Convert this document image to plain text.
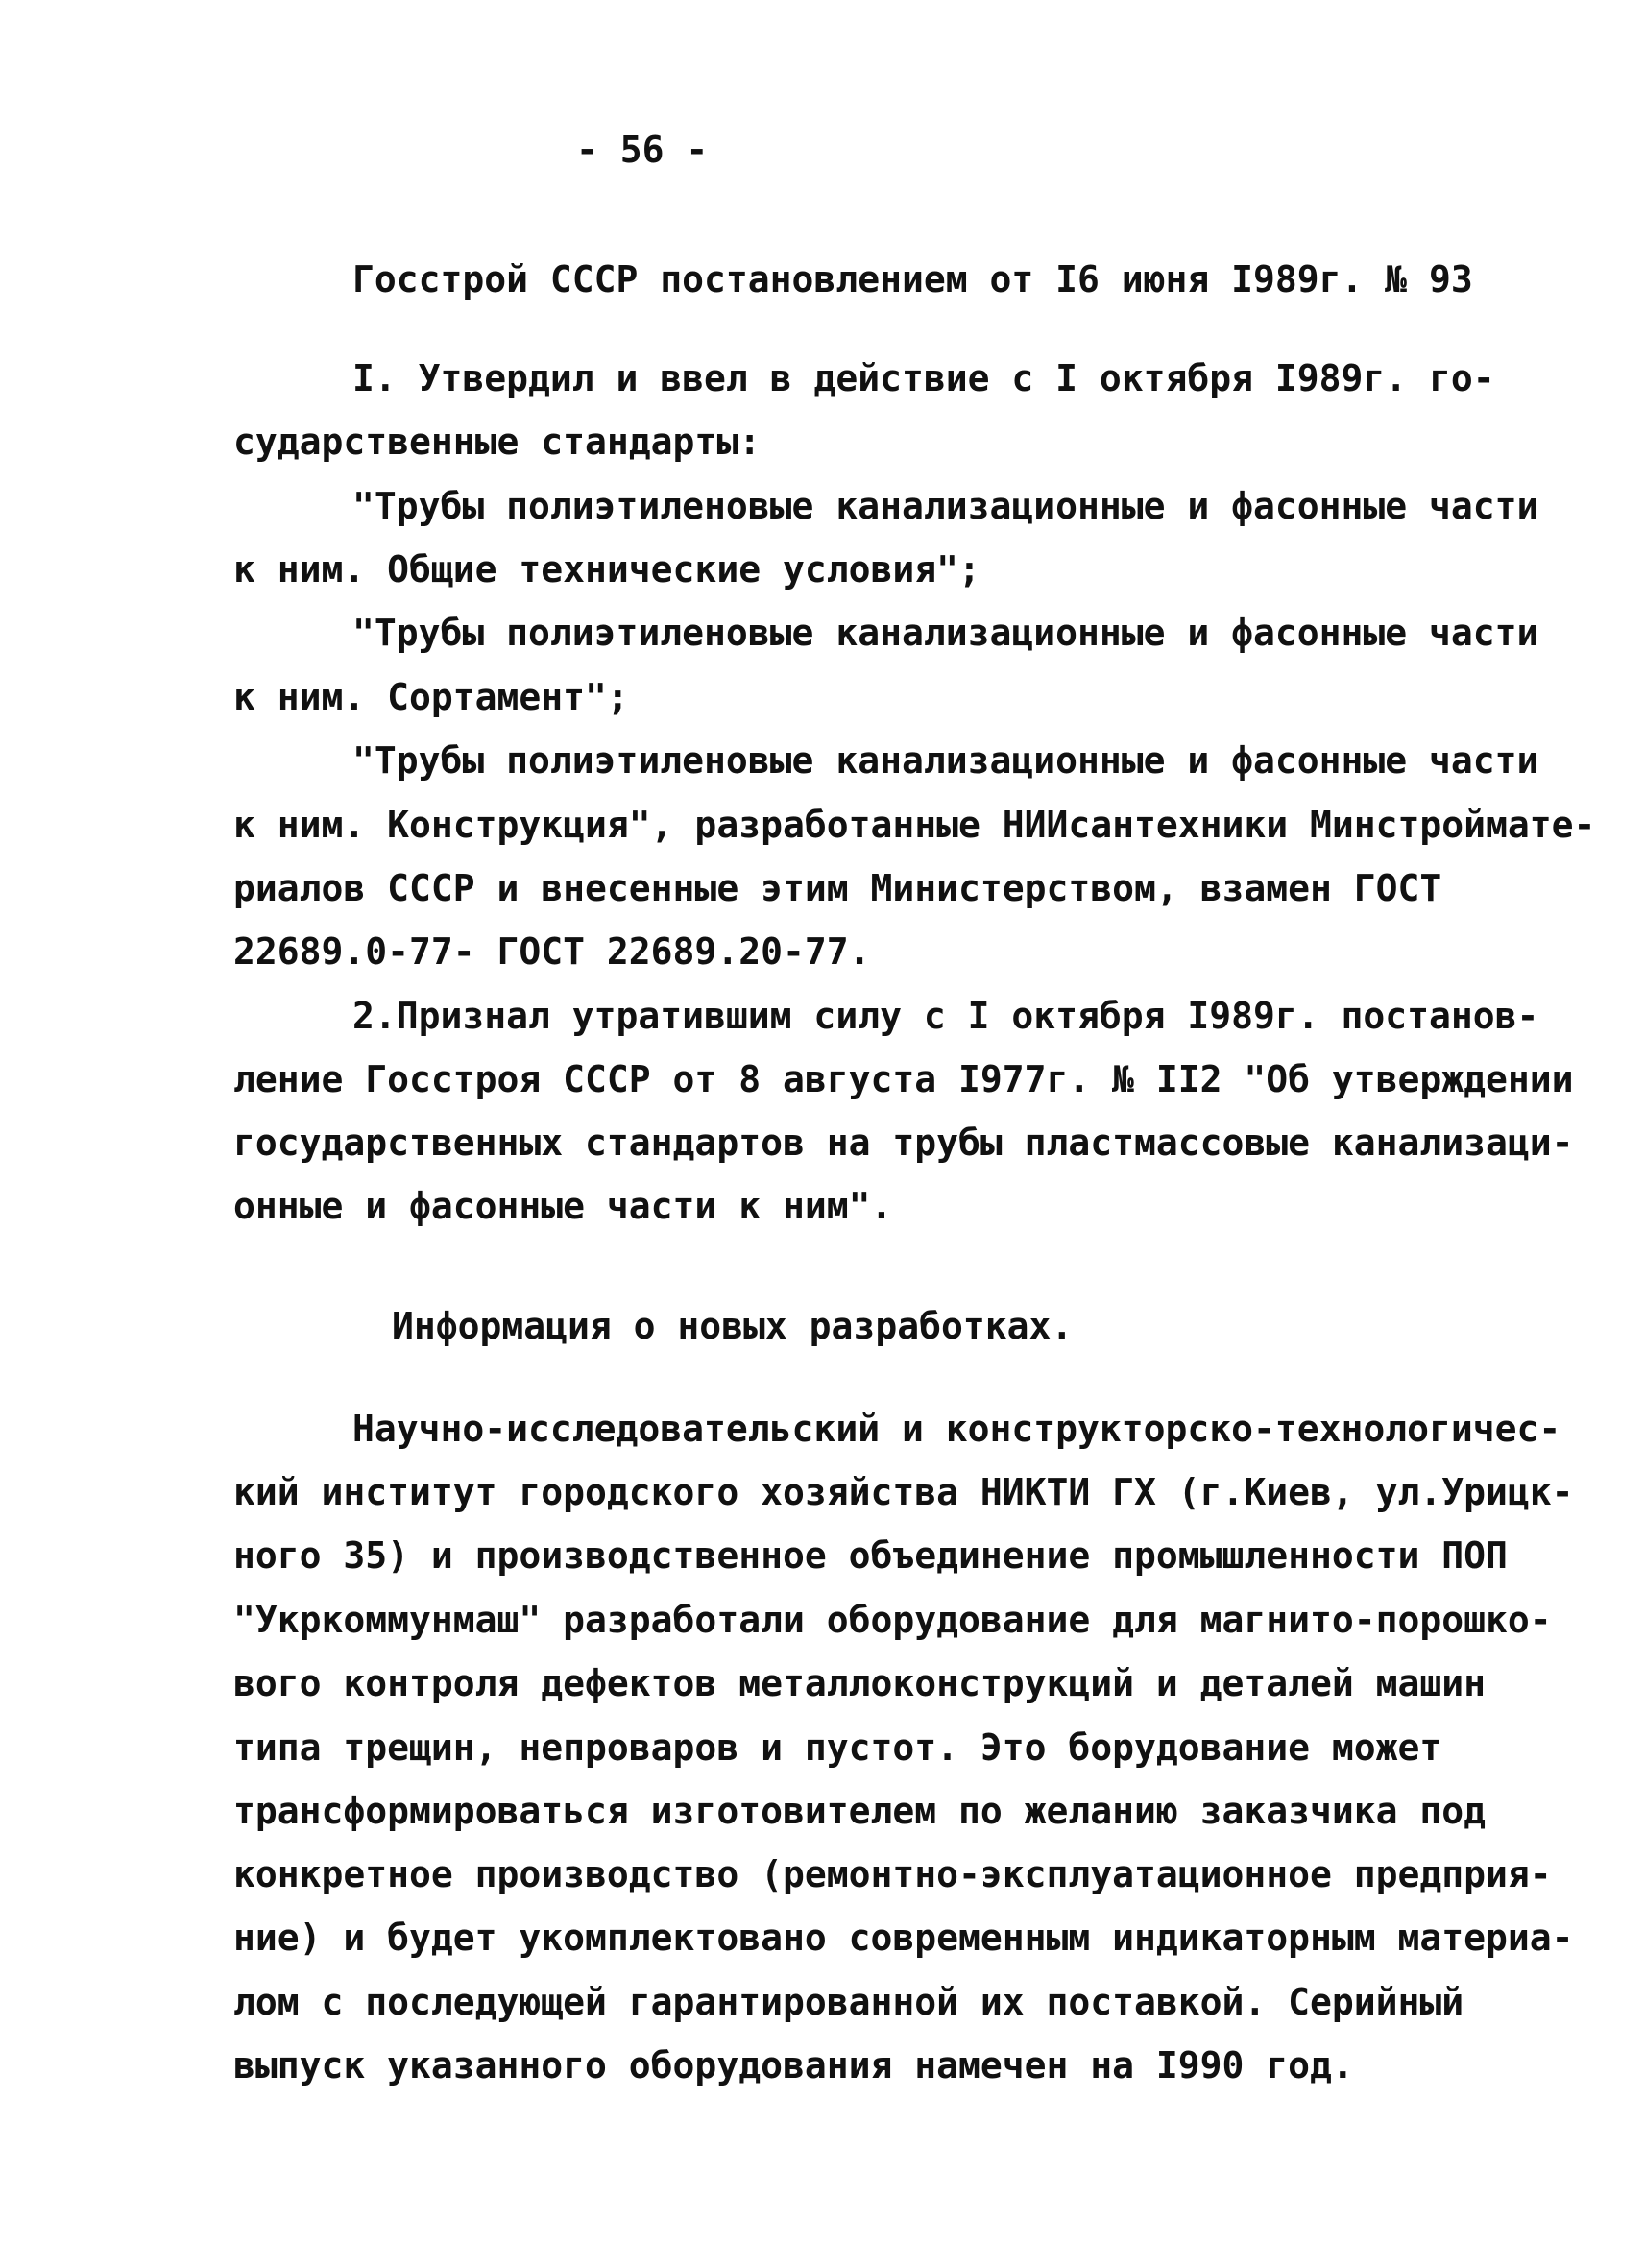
- 56 -
Госстрой СССР постановлением от I6 июня I989г. № 93
I. Утвердил и ввел в действие с I октября I989г. го-
сударственные стандарты:
"Трубы полиэтиленовые канализационные и фасонные части
к ним. Общие технические условия";
"Трубы полиэтиленовые канализационные и фасонные части
к ним. Сортамент";
"Трубы полиэтиленовые канализационные и фасонные части
к ним. Конструкция", разработанные НИИсантехники Минстроймате-
риалов СССР и внесенные этим Министерством, взамен ГОСТ
22689.0-77- ГОСТ 22689.20-77.
2.Признал утратившим силу с I октября I989г. постанов-
ление Госстроя СССР от 8 августа I977г. № II2 "Об утверждении
государственных стандартов на трубы пластмассовые канализаци-
онные и фасонные части к ним".
Информация о новых разработках.
Научно-исследовательский и конструкторско-технологичес-
кий институт городского хозяйства НИКТИ ГХ (г.Киев, ул.Урицк-
ного 35) и производственное объединение промышленности ПОП
"Укркоммунмаш" разработали оборудование для магнито-порошко-
вого контроля дефектов металлоконструкций и деталей машин
типа трещин, непроваров и пустот. Это борудование может
трансформироваться изготовителем по желанию заказчика под
конкретное производство (ремонтно-эксплуатационное предприя-
ние) и будет укомплектовано современным индикаторным материа-
лом с последующей гарантированной их поставкой. Серийный
выпуск указанного оборудования намечен на I990 год.
